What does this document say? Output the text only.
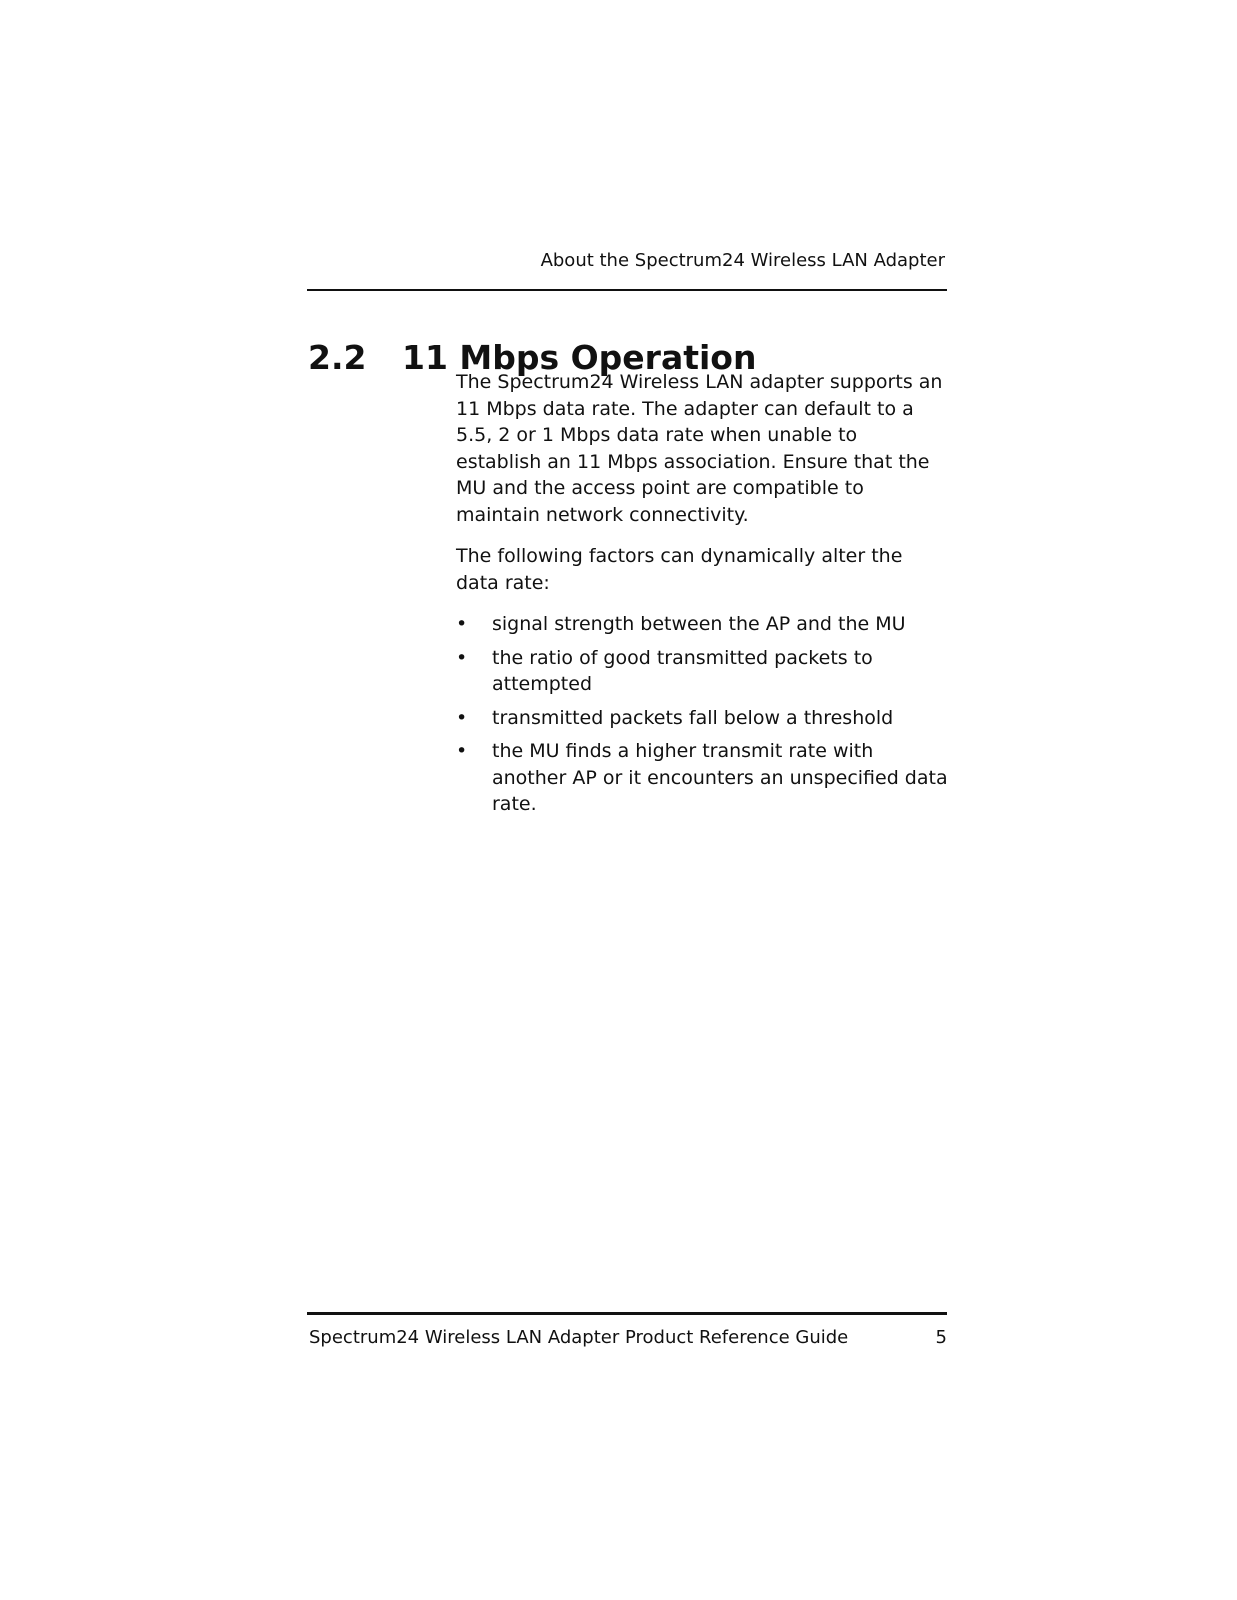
About the Spectrum24 Wireless LAN Adapter
2.2 11 Mbps Operation

The Spectrum24 Wireless LAN adapter supports an 11 Mbps data rate. The adapter can default to a 5.5, 2 or 1 Mbps data rate when unable to establish an 11 Mbps association. Ensure that the MU and the access point are compatible to maintain network connectivity.

The following factors can dynamically alter the data rate:

• signal strength between the AP and the MU
• the ratio of good transmitted packets to attempted
• transmitted packets fall below a threshold
• the MU finds a higher transmit rate with another AP or it encounters an unspecified data rate.
Spectrum24 Wireless LAN Adapter Product Reference Guide	5
